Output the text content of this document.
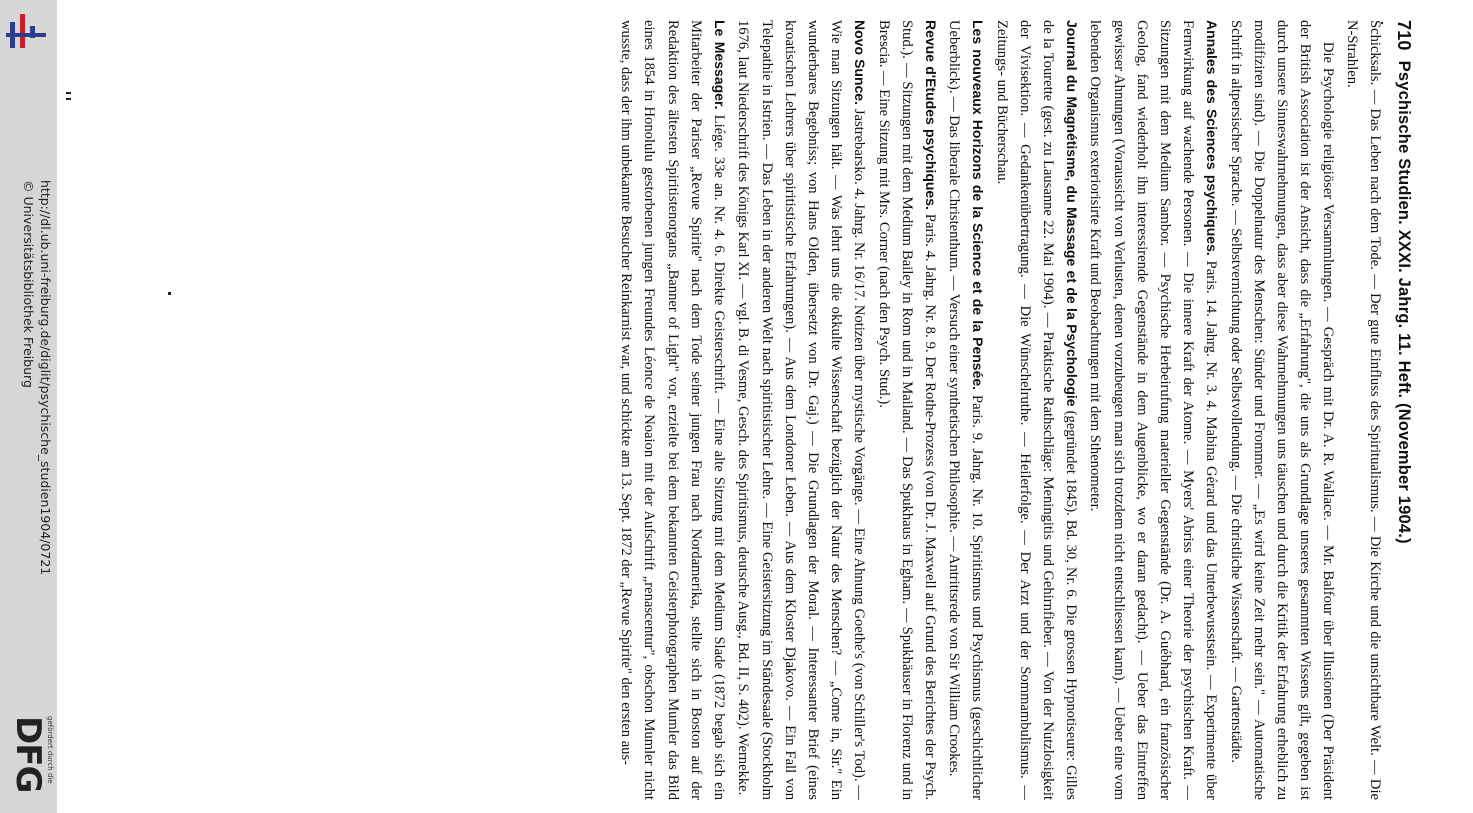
http://dl.ub.uni-freiburg.de/diglit/psychische_studien1904/0721
© Universitätsbibliothek Freiburg
gefördert durch die
DFG
710
Psychische Studien. XXXI. Jahrg. 11. Heft. (November 1904.)

Schicksals. — Das Leben nach dem Tode. — Der gute Einfluss des Spiritualismus. — Die Kirche und die unsichtbare Welt. — Die N-Strahlen.

Die Psychologie religiöser Versammlungen. — Gespräch mit Dr. A. R. Wallace. — Mr. Balfour über Illusionen (Der Präsident der British Association ist der Ansicht, dass die „Erfahrung", die uns als Grundlage unseres gesammten Wissens gilt, gegeben ist durch unsere Sinneswahrnehmungen, dass aber diese Wahrnehmungen uns täuschen und durch die Kritik der Erfahrung erheblich zu modifiziren sind). — Die Doppelnatur des Menschen: Sünder und Frommer. — „Es wird keine Zeit mehr sein." — Automatische Schrift in altpersischer Sprache. — Selbstvernichtung oder Selbstvollendung. — Die christliche Wissenschaft. — Gartenstädte.

Annales des Sciences psychiques. Paris. 14. Jahrg. Nr. 3. 4. Mabina Gérard und das Unterbewusstsein. — Experimente über Fernwirkung auf wachende Personen. — Die innere Kraft der Atome. — Myers' Abriss einer Theorie der psychischen Kraft. — Sitzungen mit dem Medium Sambor. — Psychische Herbeirufung materieller Gegenstände (Dr. A. Guébhard, ein französischer Geolog, fand wiederholt ihn interessirende Gegenstände in dem Augenblicke, wo er daran gedacht). — Ueber das Eintreffen gewisser Ahnungen (Voraussicht von Verlusten, denen vorzubeugen man sich trotzdem nicht entschliessen kann). — Ueber eine vom lebenden Organismus exteriorisirte Kraft und Beobachtungen mit dem Sthenometer.

Journal du Magnétisme, du Massage et de la Psychologie (gegründet 1845). Bd. 30, Nr. 6. Die grossen Hypnotiseure: Gilles de la Tourette (gest. zu Lausanne 22. Mai 1904). — Praktische Rathschläge: Meningitis und Gehirnfieber. — Von der Nutzlosigkeit der Vivisektion. — Gedankenübertragung. — Die Wünschelruthe. — Heilerfolge. — Der Arzt und der Sommambulismus. — Zeitungs- und Bücherschau.

Les nouveaux Horizons de la Science et de la Pensée. Paris. 9. Jahrg. Nr. 10. Spiritismus und Psychismus (geschichtlicher Ueberblick). — Das liberale Christenthum. — Versuch einer synthetischen Philosophie. — Antrittsrede von Sir William Crookes.

Revue d'Etudes psychiques. Paris. 4. Jahrg. Nr. 8. 9. Der Rothe-Prozess (von Dr. J. Maxwell auf Grund des Berichtes der Psych. Stud.). — Sitzungen mit dem Medium Bailey in Rom und in Mailand. — Das Spukhaus in Egham. — Spukhäuser in Florenz und in Brescia. — Eine Sitzung mit Mrs. Corner (nach den Psych. Stud.).

Novo Sunce. Jastrebarsko. 4. Jahrg. Nr. 16/17. Notizen über mystische Vorgänge. — Eine Ahnung Goethe's (von Schiller's Tod). — Wie man Sitzungen hält. — Was lehrt uns die okkulte Wissenschaft bezüglich der Natur des Menschen? — „Come in, Sir." Ein wunderbares Begebniss; von Hans Olden, übersetzt von Dr. Gaj.) — Die Grundlagen der Moral. — Interessanter Brief (eines kroatischen Lehrers über spiritistische Erfahrungen). — Aus dem Londoner Leben. — Aus dem Kloster Djakovo. — Ein Fall von Telepathie in Istrien. — Das Leben in der anderen Welt nach spiritistischer Lehre. — Eine Geistersitzung im Ständesaale (Stockholm 1676, laut Niederschrift des Königs Karl XI. — vgl. B. di Vesme, Gesch. des Spiritismus, deutsche Ausg., Bd. II, S. 402). Wernekke.

Le Messager. Liége. 33e an. Nr. 4. 6. Direkte Geisterschrift. — Eine alte Sitzung mit dem Medium Slade (1872 begab sich ein Mitarbeiter der Pariser „Revue Spirite" nach dem Tode seiner jungen Frau nach Nordamerika, stellte sich in Boston auf der Redaktion des ältesten Spiritistenorgans „Banner of Light" vor, erzielte bei dem bekannten Geisterphotographen Mumler das Bild eines 1854 in Honolulu gestorbenen jungen Freundes Léonce de Noaion mit der Aufschrift „renascentur", obschon Mumler nicht wusste, dass der ihm unbekannte Besucher Reinkarnist war, und schickte am 13. Sept. 1872 der „Revue Spirite" den ersten aus-
